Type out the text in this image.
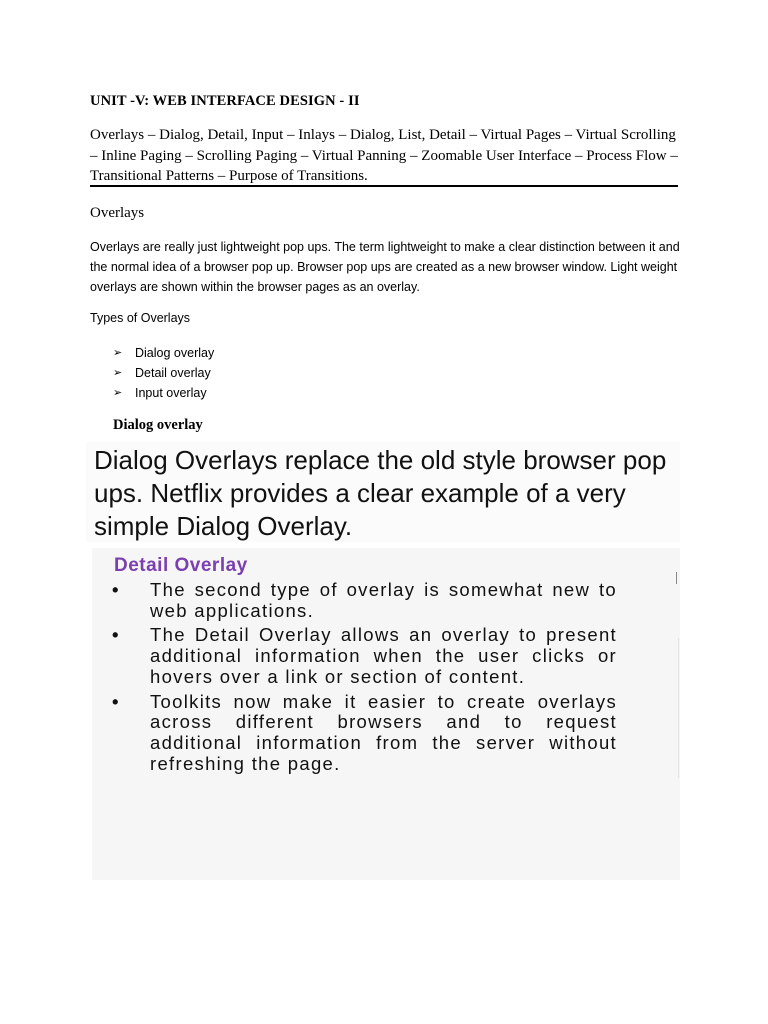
UNIT -V: WEB INTERFACE DESIGN - II
Overlays – Dialog, Detail, Input – Inlays – Dialog, List, Detail – Virtual Pages – Virtual Scrolling – Inline Paging – Scrolling Paging – Virtual Panning – Zoomable User Interface – Process Flow – Transitional Patterns – Purpose of Transitions.
Overlays
Overlays are really just lightweight pop ups. The term lightweight to make a clear distinction between it and the normal idea of a browser pop up. Browser pop ups are created as a new browser window. Light weight overlays are shown within the browser pages as an overlay.
Types of Overlays
➢	Dialog overlay
➢	Detail overlay
➢	Input overlay
Dialog overlay
Dialog Overlays replace the old style browser pop ups. Netflix provides a clear example of a very simple Dialog Overlay.
Detail Overlay
•	The second type of overlay is somewhat new to web applications.
•	The Detail Overlay allows an overlay to present additional information when the user clicks or hovers over a link or section of content.
•	Toolkits now make it easier to create overlays across different browsers and to request additional information from the server without refreshing the page.
